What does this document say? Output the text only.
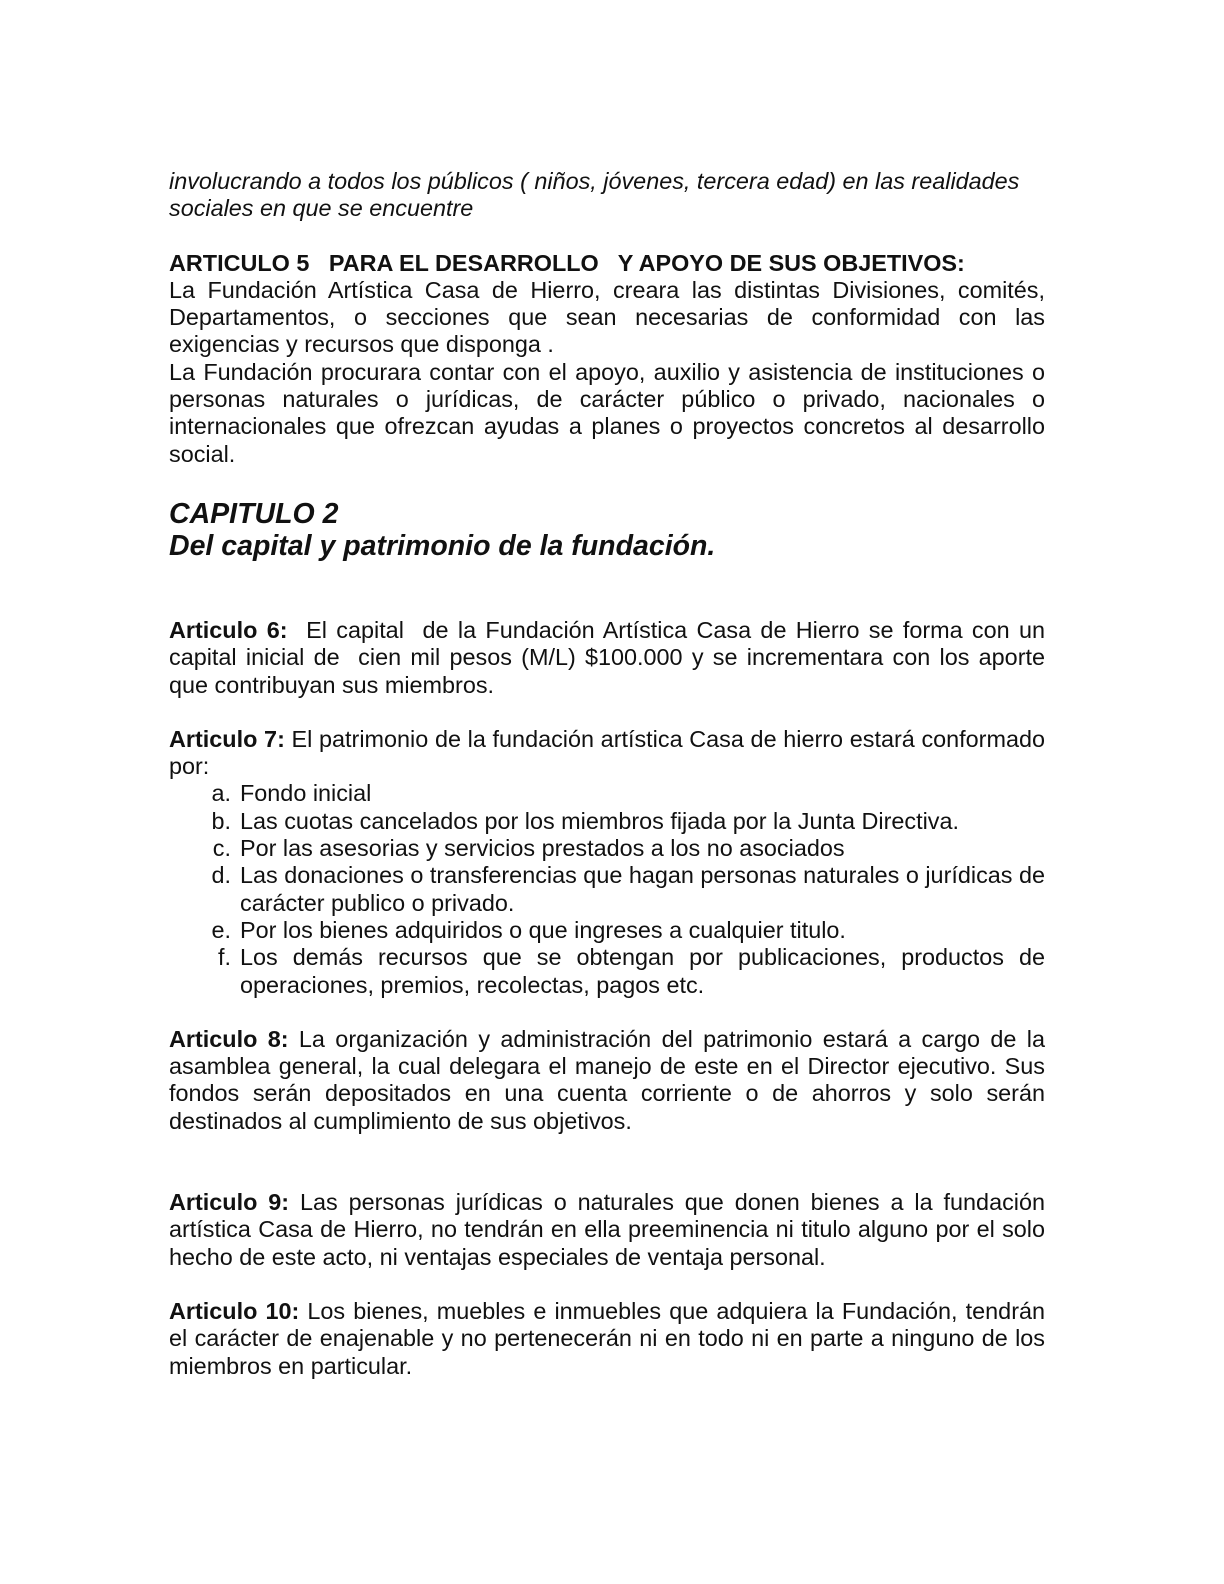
involucrando a todos los públicos ( niños, jóvenes, tercera edad) en las realidades sociales en que se encuentre

ARTICULO 5   PARA EL DESARROLLO   Y APOYO DE SUS OBJETIVOS:

La Fundación Artística Casa de Hierro, creara las distintas Divisiones, comités, Departamentos, o secciones que sean necesarias de conformidad con las exigencias y recursos que disponga .

La Fundación procurara contar con el apoyo, auxilio y asistencia de instituciones o personas naturales o jurídicas, de carácter público o privado, nacionales o internacionales que ofrezcan ayudas a planes o proyectos concretos al desarrollo social.

CAPITULO 2
Del capital y patrimonio de la fundación.

Articulo 6:  El capital  de la Fundación Artística Casa de Hierro se forma con un capital inicial de  cien mil pesos (M/L) $100.000 y se incrementara con los aporte que contribuyan sus miembros.

Articulo 7: El patrimonio de la fundación artística Casa de hierro estará conformado por:

a. Fondo inicial
b. Las cuotas cancelados por los miembros fijada por la Junta Directiva.
c. Por las asesorias y servicios prestados a los no asociados
d. Las donaciones o transferencias que hagan personas naturales o jurídicas de carácter publico o privado.
e. Por los bienes adquiridos o que ingreses a cualquier titulo.
f. Los demás recursos que se obtengan por publicaciones, productos de operaciones, premios, recolectas, pagos etc.

Articulo 8: La organización y administración del patrimonio estará a cargo de la asamblea general, la cual delegara el manejo de este en el Director ejecutivo. Sus fondos serán depositados en una cuenta corriente o de ahorros y solo serán destinados al cumplimiento de sus objetivos.

Articulo 9: Las personas jurídicas o naturales que donen bienes a la fundación artística Casa de Hierro, no tendrán en ella preeminencia ni titulo alguno por el solo hecho de este acto, ni ventajas especiales de ventaja personal.

Articulo 10: Los bienes, muebles e inmuebles que adquiera la Fundación, tendrán el carácter de enajenable y no pertenecerán ni en todo ni en parte a ninguno de los miembros en particular.
